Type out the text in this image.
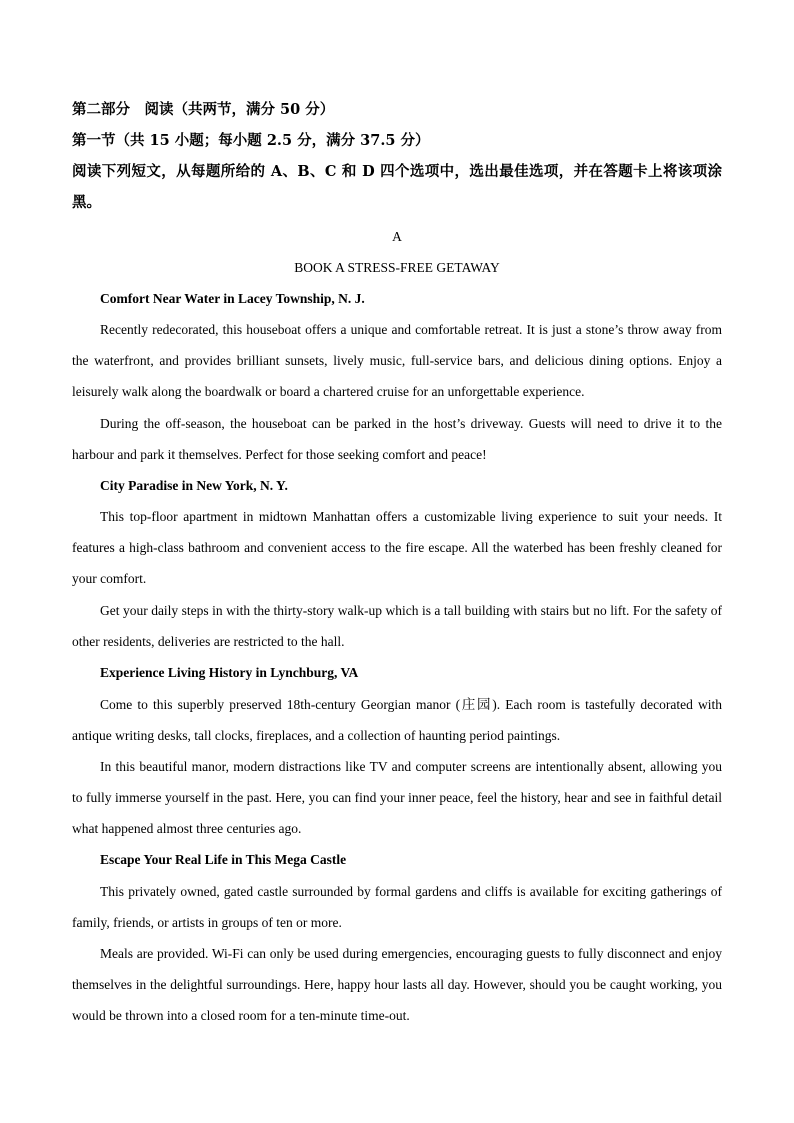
第二部分　阅读（共两节，满分 50 分）
第一节（共 15 小题；每小题 2.5 分，满分 37.5 分）
阅读下列短文，从每题所给的 A、B、C 和 D 四个选项中，选出最佳选项，并在答题卡上将该项涂黑。
A
BOOK A STRESS-FREE GETAWAY
Comfort Near Water in Lacey Township, N. J.
Recently redecorated, this houseboat offers a unique and comfortable retreat. It is just a stone’s throw away from the waterfront, and provides brilliant sunsets, lively music, full-service bars, and delicious dining options. Enjoy a leisurely walk along the boardwalk or board a chartered cruise for an unforgettable experience.
During the off-season, the houseboat can be parked in the host’s driveway. Guests will need to drive it to the harbour and park it themselves. Perfect for those seeking comfort and peace!
City Paradise in New York, N. Y.
This top-floor apartment in midtown Manhattan offers a customizable living experience to suit your needs. It features a high-class bathroom and convenient access to the fire escape. All the waterbed has been freshly cleaned for your comfort.
Get your daily steps in with the thirty-story walk-up which is a tall building with stairs but no lift. For the safety of other residents, deliveries are restricted to the hall.
Experience Living History in Lynchburg, VA
Come to this superbly preserved 18th-century Georgian manor (庄园). Each room is tastefully decorated with antique writing desks, tall clocks, fireplaces, and a collection of haunting period paintings.
In this beautiful manor, modern distractions like TV and computer screens are intentionally absent, allowing you to fully immerse yourself in the past. Here, you can find your inner peace, feel the history, hear and see in faithful detail what happened almost three centuries ago.
Escape Your Real Life in This Mega Castle
This privately owned, gated castle surrounded by formal gardens and cliffs is available for exciting gatherings of family, friends, or artists in groups of ten or more.
Meals are provided. Wi-Fi can only be used during emergencies, encouraging guests to fully disconnect and enjoy themselves in the delightful surroundings. Here, happy hour lasts all day. However, should you be caught working, you would be thrown into a closed room for a ten-minute time-out.
